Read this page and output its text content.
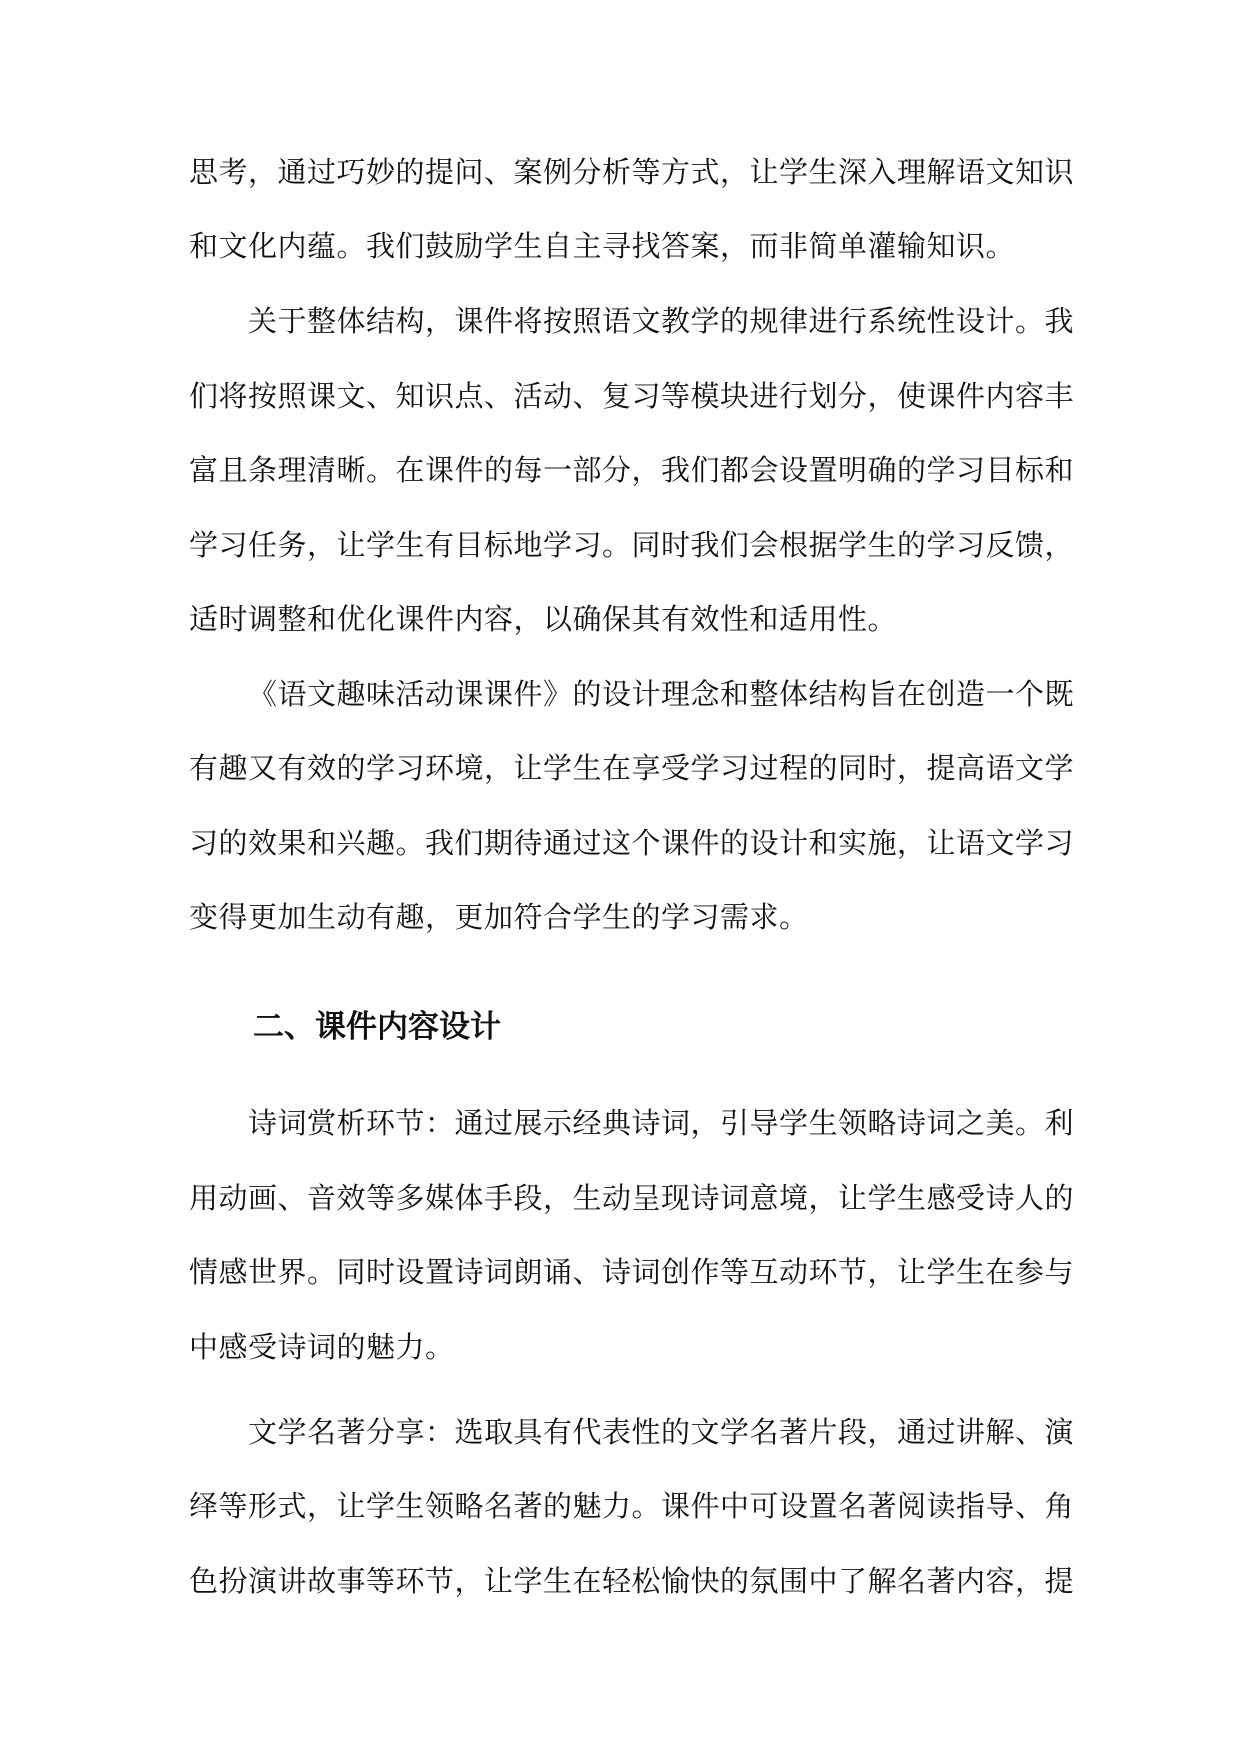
思考，通过巧妙的提问、案例分析等方式，让学生深入理解语文知识
和文化内蕴。我们鼓励学生自主寻找答案，而非简单灌输知识。
关于整体结构，课件将按照语文教学的规律进行系统性设计。我
们将按照课文、知识点、活动、复习等模块进行划分，使课件内容丰
富且条理清晰。在课件的每一部分，我们都会设置明确的学习目标和
学习任务，让学生有目标地学习。同时我们会根据学生的学习反馈，
适时调整和优化课件内容，以确保其有效性和适用性。
《语文趣味活动课课件》的设计理念和整体结构旨在创造一个既
有趣又有效的学习环境，让学生在享受学习过程的同时，提高语文学
习的效果和兴趣。我们期待通过这个课件的设计和实施，让语文学习
变得更加生动有趣，更加符合学生的学习需求。
二、课件内容设计
诗词赏析环节：通过展示经典诗词，引导学生领略诗词之美。利
用动画、音效等多媒体手段，生动呈现诗词意境，让学生感受诗人的
情感世界。同时设置诗词朗诵、诗词创作等互动环节，让学生在参与
中感受诗词的魅力。
文学名著分享：选取具有代表性的文学名著片段，通过讲解、演
绎等形式，让学生领略名著的魅力。课件中可设置名著阅读指导、角
色扮演讲故事等环节，让学生在轻松愉快的氛围中了解名著内容，提
